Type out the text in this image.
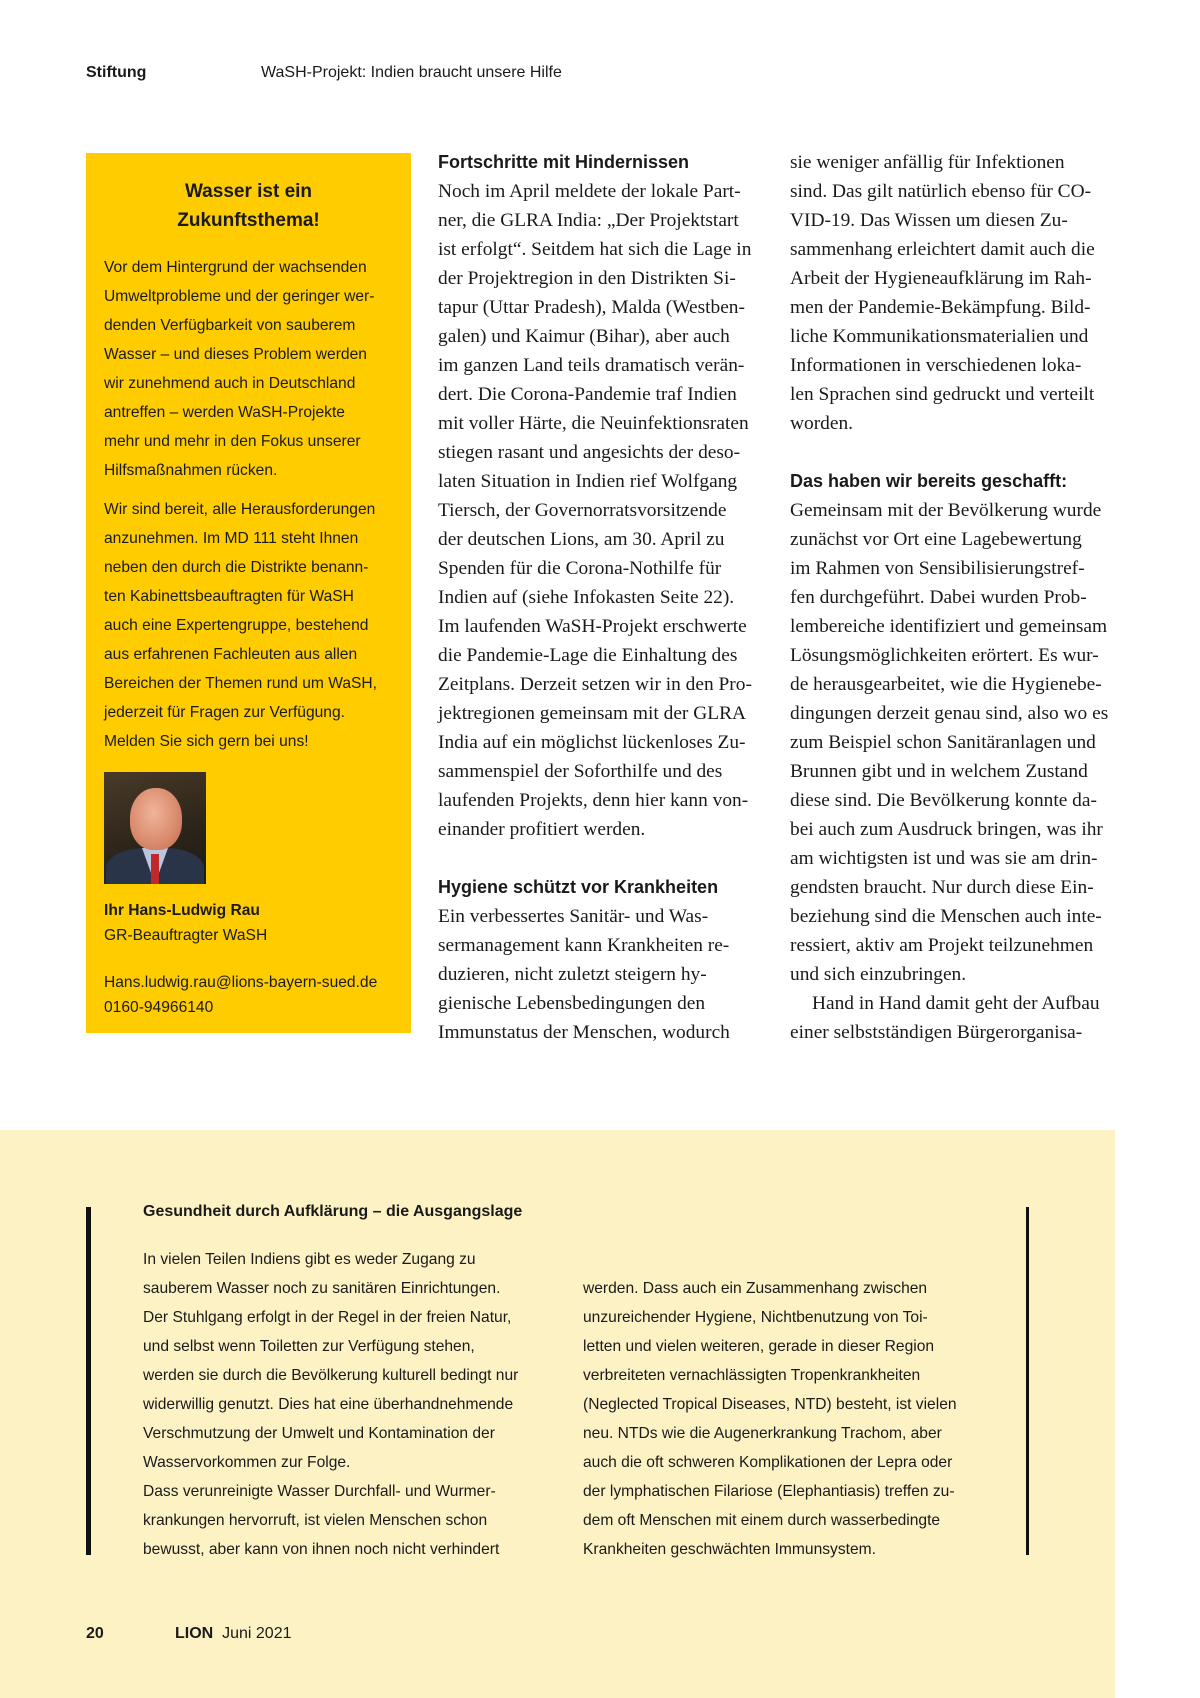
Stiftung	WaSH-Projekt: Indien braucht unsere Hilfe
Wasser ist ein
Zukunftsthema!

Vor dem Hintergrund der wachsenden
Umweltprobleme und der geringer wer-
denden Verfügbarkeit von sauberem
Wasser – und dieses Problem werden
wir zunehmend auch in Deutschland
antreffen – werden WaSH-Projekte
mehr und mehr in den Fokus unserer
Hilfsmaßnahmen rücken.

Wir sind bereit, alle Herausforderungen
anzunehmen. Im MD 111 steht Ihnen
neben den durch die Distrikte benann-
ten Kabinettsbeauftragten für WaSH
auch eine Expertengruppe, bestehend
aus erfahrenen Fachleuten aus allen
Bereichen der Themen rund um WaSH,
jederzeit für Fragen zur Verfügung.
Melden Sie sich gern bei uns!

Ihr Hans-Ludwig Rau
GR-Beauftragter WaSH
Hans.ludwig.rau@lions-bayern-sued.de
0160-94966140
Fortschritte mit Hindernissen

Noch im April meldete der lokale Part-
ner, die GLRA India: „Der Projektstart
ist erfolgt“. Seitdem hat sich die Lage in
der Projektregion in den Distrikten Si-
tapur (Uttar Pradesh), Malda (Westben-
galen) und Kaimur (Bihar), aber auch
im ganzen Land teils dramatisch verän-
dert. Die Corona-Pandemie traf Indien
mit voller Härte, die Neuinfektionsraten
stiegen rasant und angesichts der deso-
laten Situation in Indien rief Wolfgang
Tiersch, der Governorratsvorsitzende
der deutschen Lions, am 30. April zu
Spenden für die Corona-Nothilfe für
Indien auf (siehe Infokasten Seite 22).
Im laufenden WaSH-Projekt erschwerte
die Pandemie-Lage die Einhaltung des
Zeitplans. Derzeit setzen wir in den Pro-
jektregionen gemeinsam mit der GLRA
India auf ein möglichst lückenloses Zu-
sammenspiel der Soforthilfe und des
laufenden Projekts, denn hier kann von-
einander profitiert werden.

Hygiene schützt vor Krankheiten

Ein verbessertes Sanitär- und Was-
sermanagement kann Krankheiten re-
duzieren, nicht zuletzt steigern hy-
gienische Lebensbedingungen den
Immunstatus der Menschen, wodurch

sie weniger anfällig für Infektionen
sind. Das gilt natürlich ebenso für CO-
VID-19. Das Wissen um diesen Zu-
sammenhang erleichtert damit auch die
Arbeit der Hygieneaufklärung im Rah-
men der Pandemie-Bekämpfung. Bild-
liche Kommunikationsmaterialien und
Informationen in verschiedenen loka-
len Sprachen sind gedruckt und verteilt
worden.

Das haben wir bereits geschafft:

Gemeinsam mit der Bevölkerung wurde
zunächst vor Ort eine Lagebewertung
im Rahmen von Sensibilisierungstref-
fen durchgeführt. Dabei wurden Prob-
lembereiche identifiziert und gemeinsam
Lösungsmöglichkeiten erörtert. Es wur-
de herausgearbeitet, wie die Hygienebe-
dingungen derzeit genau sind, also wo es
zum Beispiel schon Sanitäranlagen und
Brunnen gibt und in welchem Zustand
diese sind. Die Bevölkerung konnte da-
bei auch zum Ausdruck bringen, was ihr
am wichtigsten ist und was sie am drin-
gendsten braucht. Nur durch diese Ein-
beziehung sind die Menschen auch inte-
ressiert, aktiv am Projekt teilzunehmen
und sich einzubringen.

Hand in Hand damit geht der Aufbau
einer selbstständigen Bürgerorganisa-

Gesundheit durch Aufklärung – die Ausgangslage
In vielen Teilen Indiens gibt es weder Zugang zu
sauberem Wasser noch zu sanitären Einrichtungen.
Der Stuhlgang erfolgt in der Regel in der freien Natur,
und selbst wenn Toiletten zur Verfügung stehen,
werden sie durch die Bevölkerung kulturell bedingt nur
widerwillig genutzt. Dies hat eine überhandnehmende
Verschmutzung der Umwelt und Kontamination der
Wasservorkommen zur Folge.
Dass verunreinigte Wasser Durchfall- und Wurmer-
krankungen hervorruft, ist vielen Menschen schon
bewusst, aber kann von ihnen noch nicht verhindert
werden. Dass auch ein Zusammenhang zwischen
unzureichender Hygiene, Nichtbenutzung von Toi-
letten und vielen weiteren, gerade in dieser Region
verbreiteten vernachlässigten Tropenkrankheiten
(Neglected Tropical Diseases, NTD) besteht, ist vielen
neu. NTDs wie die Augenerkrankung Trachom, aber
auch die oft schweren Komplikationen der Lepra oder
der lymphatischen Filariose (Elephantiasis) treffen zu-
dem oft Menschen mit einem durch wasserbedingte
Krankheiten geschwächten Immunsystem.
20	LION Juni 2021
